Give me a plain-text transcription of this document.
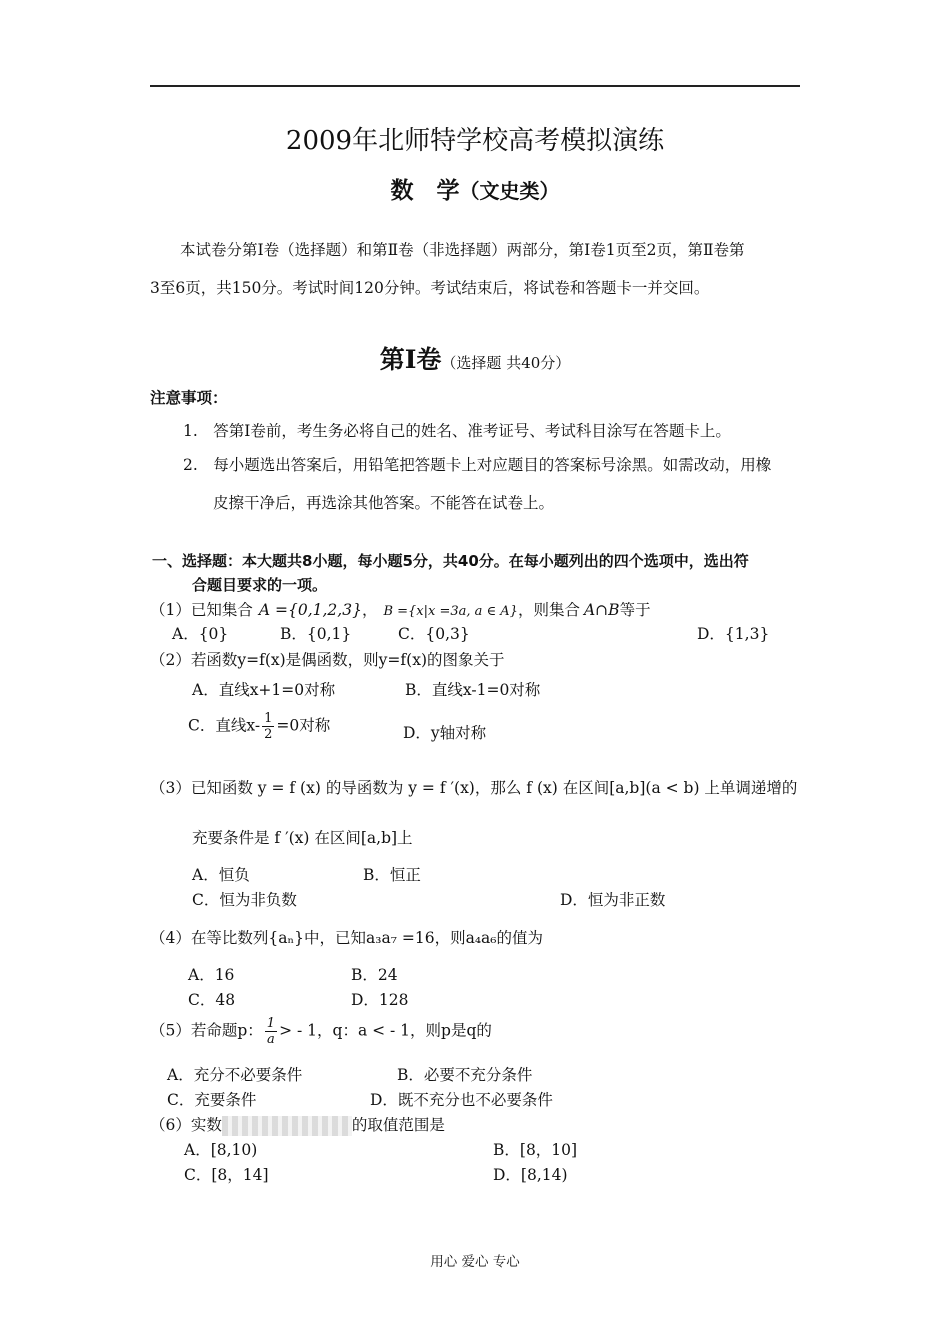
2009年北师特学校高考模拟演练
数　学（文史类）
本试卷分第Ⅰ卷（选择题）和第Ⅱ卷（非选择题）两部分，第Ⅰ卷1页至2页，第Ⅱ卷第
3至6页，共150分。考试时间120分钟。考试结束后，将试卷和答题卡一并交回。
第Ⅰ卷（选择题 共40分）
注意事项：
1.　答第Ⅰ卷前，考生务必将自己的姓名、准考证号、考试科目涂写在答题卡上。
2.　每小题选出答案后，用铅笔把答题卡上对应题目的答案标号涂黑。如需改动，用橡
皮擦干净后，再选涂其他答案。不能答在试卷上。
一、选择题：本大题共8小题，每小题5分，共40分。在每小题列出的四个选项中，选出符
合题目要求的一项。
（1）已知集合 A ={0,1,2,3}， B ={x|x =3a, a ∈ A}，则集合 A∩B等于
A．{0}	B．{0,1}	C．{0,3}	D．{1,3}
（2）若函数y=f(x)是偶函数，则y=f(x)的图象关于
A．直线x+1=0对称	B．直线x-1=0对称
C．直线$x- \frac{1}{2} =0$对称	D．y轴对称
（3）已知函数 y = f (x) 的导函数为 y = f ′(x)，那么 f (x) 在区间[a,b](a < b) 上单调递增的
充要条件是 f ′(x) 在区间[a,b]上
A．恒负	B．恒正
C．恒为非负数	D．恒为非正数
（4）在等比数列{aₙ}中，已知a₃a₇ =16，则a₄a₆的值为
A．16	B．24
C．48	D．128
（5）若命题p： $\frac{1}{a}$ > - 1，q：a < - 1，则p是q的
A．充分不必要条件	B．必要不充分条件
C．充要条件	D．既不充分也不必要条件
（6）实数	的取值范围是
A．[8,10)	B．[8，10]
C．[8，14]	D．[8,14)
用心 爱心 专心
